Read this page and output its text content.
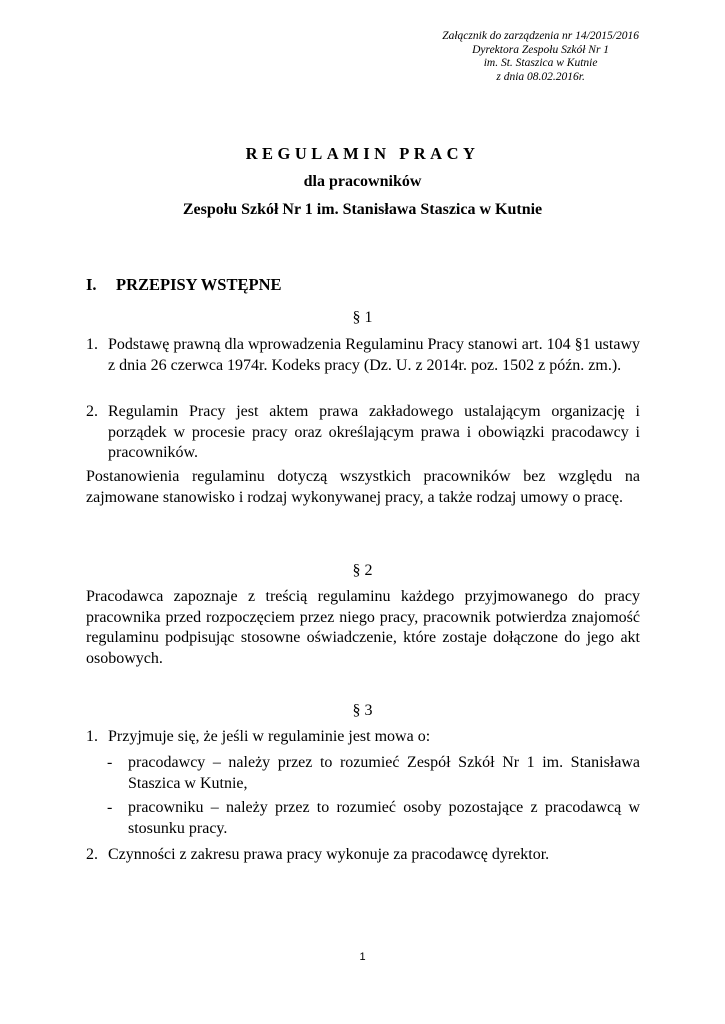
Załącznik do zarządzenia nr 14/2015/2016
Dyrektora Zespołu Szkół Nr 1
im. St. Staszica w Kutnie
z dnia 08.02.2016r.
REGULAMIN PRACY
dla pracowników
Zespołu Szkół Nr 1 im. Stanisława Staszica w Kutnie
I. PRZEPISY WSTĘPNE
§ 1
1. Podstawę prawną dla wprowadzenia Regulaminu Pracy stanowi art. 104 §1 ustawy z dnia 26 czerwca 1974r. Kodeks pracy (Dz. U. z 2014r. poz. 1502 z późn. zm.).
2. Regulamin Pracy jest aktem prawa zakładowego ustalającym organizację i porządek w procesie pracy oraz określającym prawa i obowiązki pracodawcy i pracowników.
Postanowienia regulaminu dotyczą wszystkich pracowników bez względu na zajmowane stanowisko i rodzaj wykonywanej pracy, a także rodzaj umowy o pracę.
§ 2
Pracodawca zapoznaje z treścią regulaminu każdego przyjmowanego do pracy pracownika przed rozpoczęciem przez niego pracy, pracownik potwierdza znajomość regulaminu podpisując stosowne oświadczenie, które zostaje dołączone do jego akt osobowych.
§ 3
1. Przyjmuje się, że jeśli w regulaminie jest mowa o:
- pracodawcy – należy przez to rozumieć Zespół Szkół Nr 1 im. Stanisława Staszica w Kutnie,
- pracowniku – należy przez to rozumieć osoby pozostające z pracodawcą w stosunku pracy.
2. Czynności z zakresu prawa pracy wykonuje za pracodawcę dyrektor.
1
